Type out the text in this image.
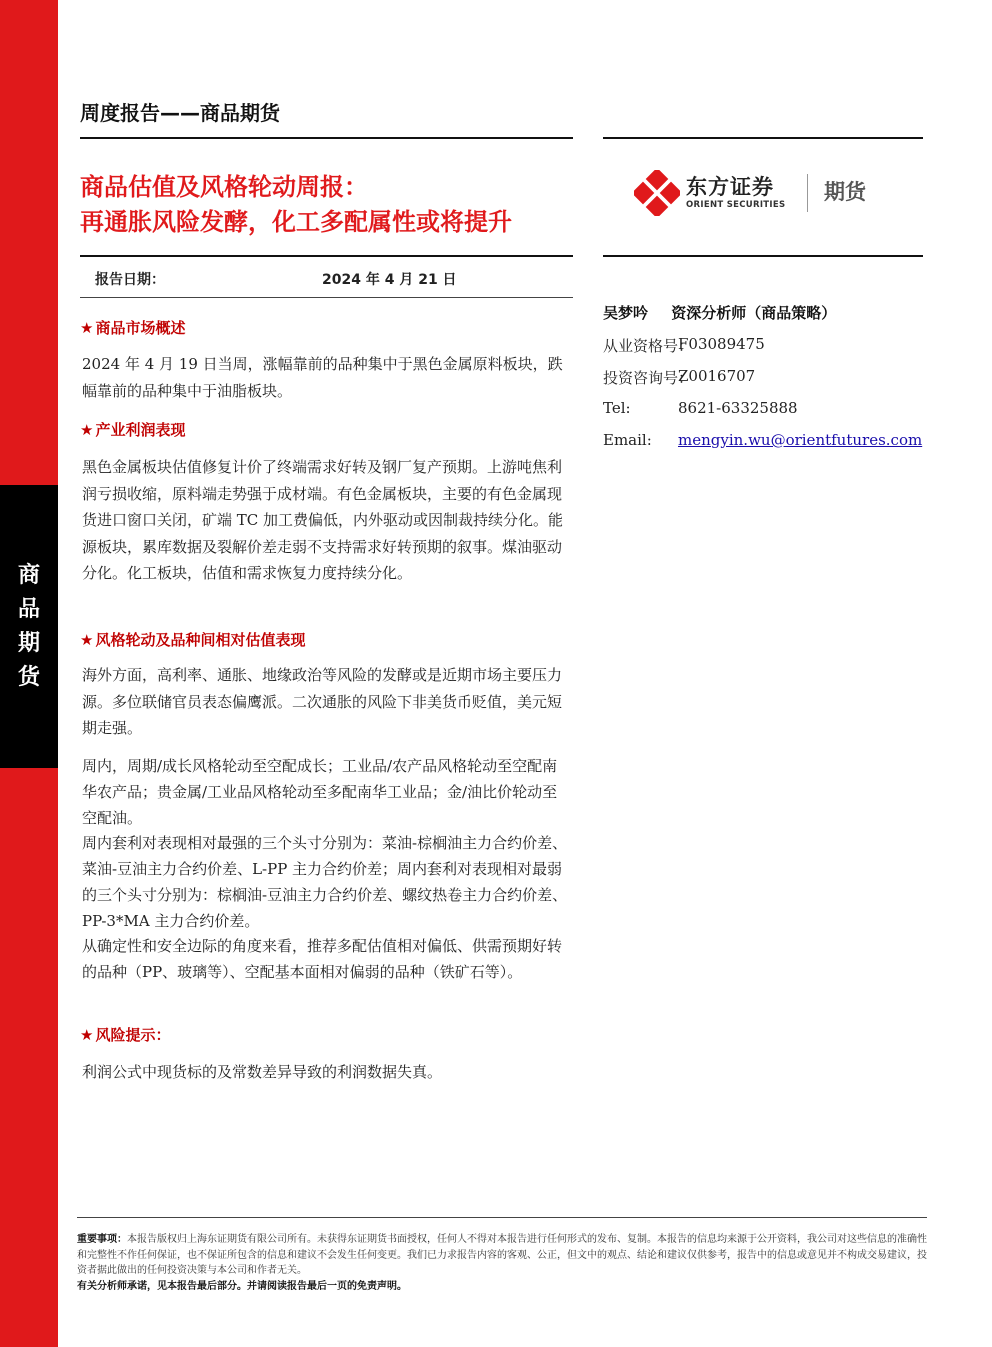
商
品
期
货
周度报告——商品期货
商品估值及风格轮动周报：
再通胀风险发酵，化工多配属性或将提升
东方证券
ORIENT SECURITIES
期货
报告日期：	2024 年 4 月 21 日
★ 商品市场概述
2024 年 4 月 19 日当周，涨幅靠前的品种集中于黑色金属原料板块，跌幅靠前的品种集中于油脂板块。
★ 产业利润表现
黑色金属板块估值修复计价了终端需求好转及钢厂复产预期。上游吨焦利润亏损收缩，原料端走势强于成材端。有色金属板块，主要的有色金属现货进口窗口关闭，矿端 TC 加工费偏低，内外驱动或因制裁持续分化。能源板块，累库数据及裂解价差走弱不支持需求好转预期的叙事。煤油驱动分化。化工板块，估值和需求恢复力度持续分化。
★ 风格轮动及品种间相对估值表现
海外方面，高利率、通胀、地缘政治等风险的发酵或是近期市场主要压力源。多位联储官员表态偏鹰派。二次通胀的风险下非美货币贬值，美元短期走强。
周内，周期/成长风格轮动至空配成长；工业品/农产品风格轮动至空配南华农产品；贵金属/工业品风格轮动至多配南华工业品；金/油比价轮动至空配油。
周内套利对表现相对最强的三个头寸分别为：菜油-棕榈油主力合约价差、菜油-豆油主力合约价差、L-PP 主力合约价差；周内套利对表现相对最弱的三个头寸分别为：棕榈油-豆油主力合约价差、螺纹热卷主力合约价差、PP-3*MA 主力合约价差。
从确定性和安全边际的角度来看，推荐多配估值相对偏低、供需预期好转的品种（PP、玻璃等）、空配基本面相对偏弱的品种（铁矿石等）。
★ 风险提示：
利润公式中现货标的及常数差异导致的利润数据失真。
吴梦吟 资深分析师（商品策略）
从业资格号：
F03089475
投资咨询号：
Z0016707
Tel:	8621-63325888
Email: mengyin.wu@orientfutures.com
重要事项：本报告版权归上海东证期货有限公司所有。未获得东证期货书面授权，任何人不得对本报告进行任何形式的发布、复制。本报告的信息均来源于公开资料，我公司对这些信息的准确性和完整性不作任何保证，也不保证所包含的信息和建议不会发生任何变更。我们已力求报告内容的客观、公正，但文中的观点、结论和建议仅供参考，报告中的信息或意见并不构成交易建议，投资者据此做出的任何投资决策与本公司和作者无关。
有关分析师承诺，见本报告最后部分。并请阅读报告最后一页的免责声明。
